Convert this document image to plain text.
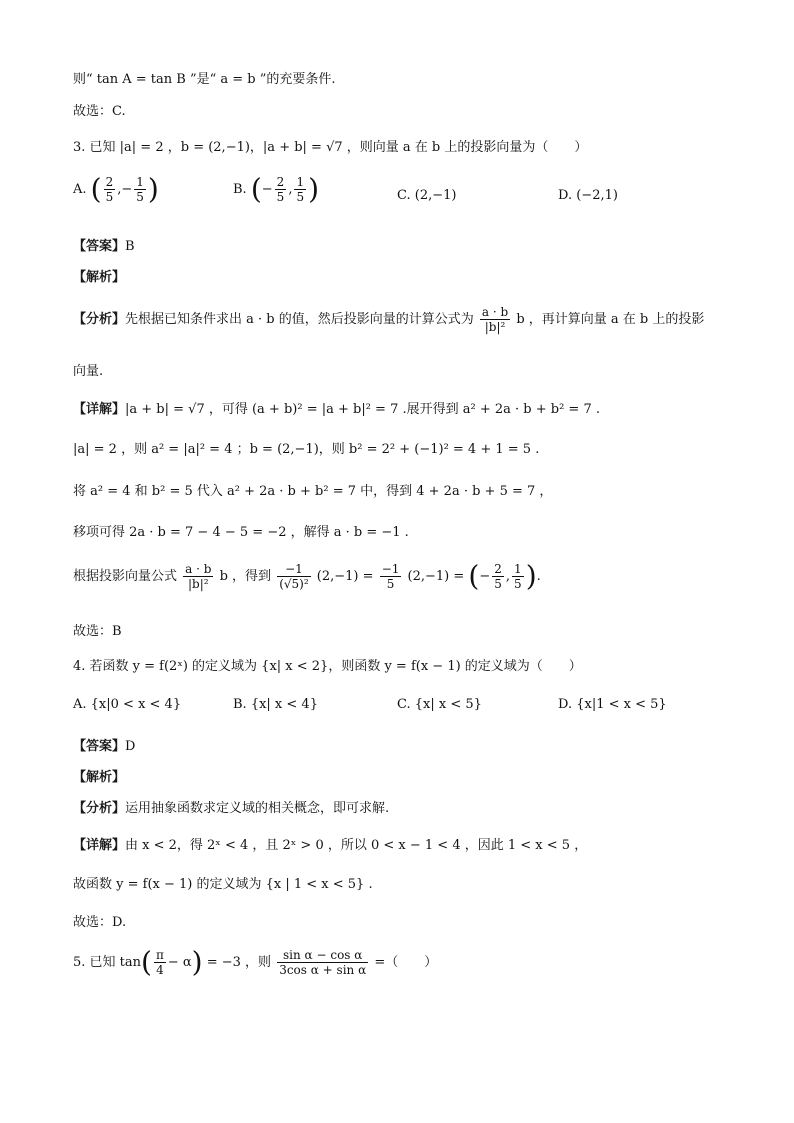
则“ tan A = tan B ”是“ a = b ”的充要条件.
故选：C.
3. 已知 |a| = 2 ，b = (2,−1)，|a + b| = √7 ，则向量 a 在 b 上的投影向量为（　　）
A. ( $\frac{2}{5}$ ,− $\frac{1}{5}$ )	B. (− $\frac{2}{5}$ , $\frac{1}{5}$ )	C. (2,−1)	D. (−2,1)
【答案】B
【解析】
【分析】先根据已知条件求出 a · b 的值，然后投影向量的计算公式为 $\frac{a \cdot b}{\text{|b|²}}$ b ，再计算向量 a 在 b 上的投影
向量.
【详解】|a + b| = √7 ，可得 (a + b)² = |a + b|² = 7 .展开得到 a² + 2a · b + b² = 7 .
|a| = 2 ，则 a² = |a|² = 4 ；b = (2,−1)，则 b² = 2² + (−1)² = 4 + 1 = 5 .
将 a² = 4 和 b² = 5 代入 a² + 2a · b + b² = 7 中，得到 4 + 2a · b + 5 = 7 ，
移项可得 2a · b = 7 − 4 − 5 = −2 ，解得 a · b = −1 .
根据投影向量公式 $\frac{a \cdot b}{\text{|b|²}}$ b ，得到 $\frac{-1}{\text{(√5)²}} (2,-1) = \frac{-1}{5} (2,-1)$ = (− $\frac{2}{5}$ , $\frac{1}{5}$ ).
故选：B
4. 若函数 y = f(2ˣ) 的定义域为 {x| x < 2}，则函数 y = f(x − 1) 的定义域为（　　）
A. {x|0 < x < 4}	B. {x| x < 4}	C. {x| x < 5}	D. {x|1 < x < 5}
【答案】D
【解析】
【分析】运用抽象函数求定义域的相关概念，即可求解.
【详解】由 x < 2，得 2ˣ < 4 ，且 2ˣ > 0 ，所以 0 < x − 1 < 4 ，因此 1 < x < 5 ，
故函数 y = f(x − 1) 的定义域为 {x | 1 < x < 5} .
故选：D.
5. 已知 $\tan( \frac{\pi}{4} - \alpha) = -3$ ，则 $\frac{\text{sin α − cos α}}{\text{3cos α + sin α}}$ =（　　）
